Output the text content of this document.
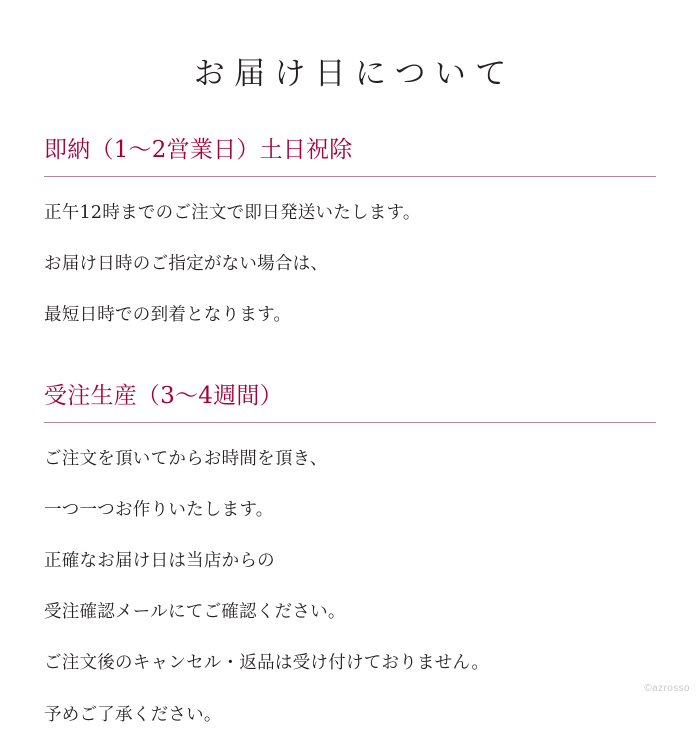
お届け日について
即納（1〜2営業日）土日祝除

正午12時までのご注文で即日発送いたします。

お届け日時のご指定がない場合は、

最短日時での到着となります。

受注生産（3〜4週間）

ご注文を頂いてからお時間を頂き、

一つ一つお作りいたします。

正確なお届け日は当店からの

受注確認メールにてご確認ください。

ご注文後のキャンセル・返品は受け付けておりません。

予めご了承ください。

©azrosso
